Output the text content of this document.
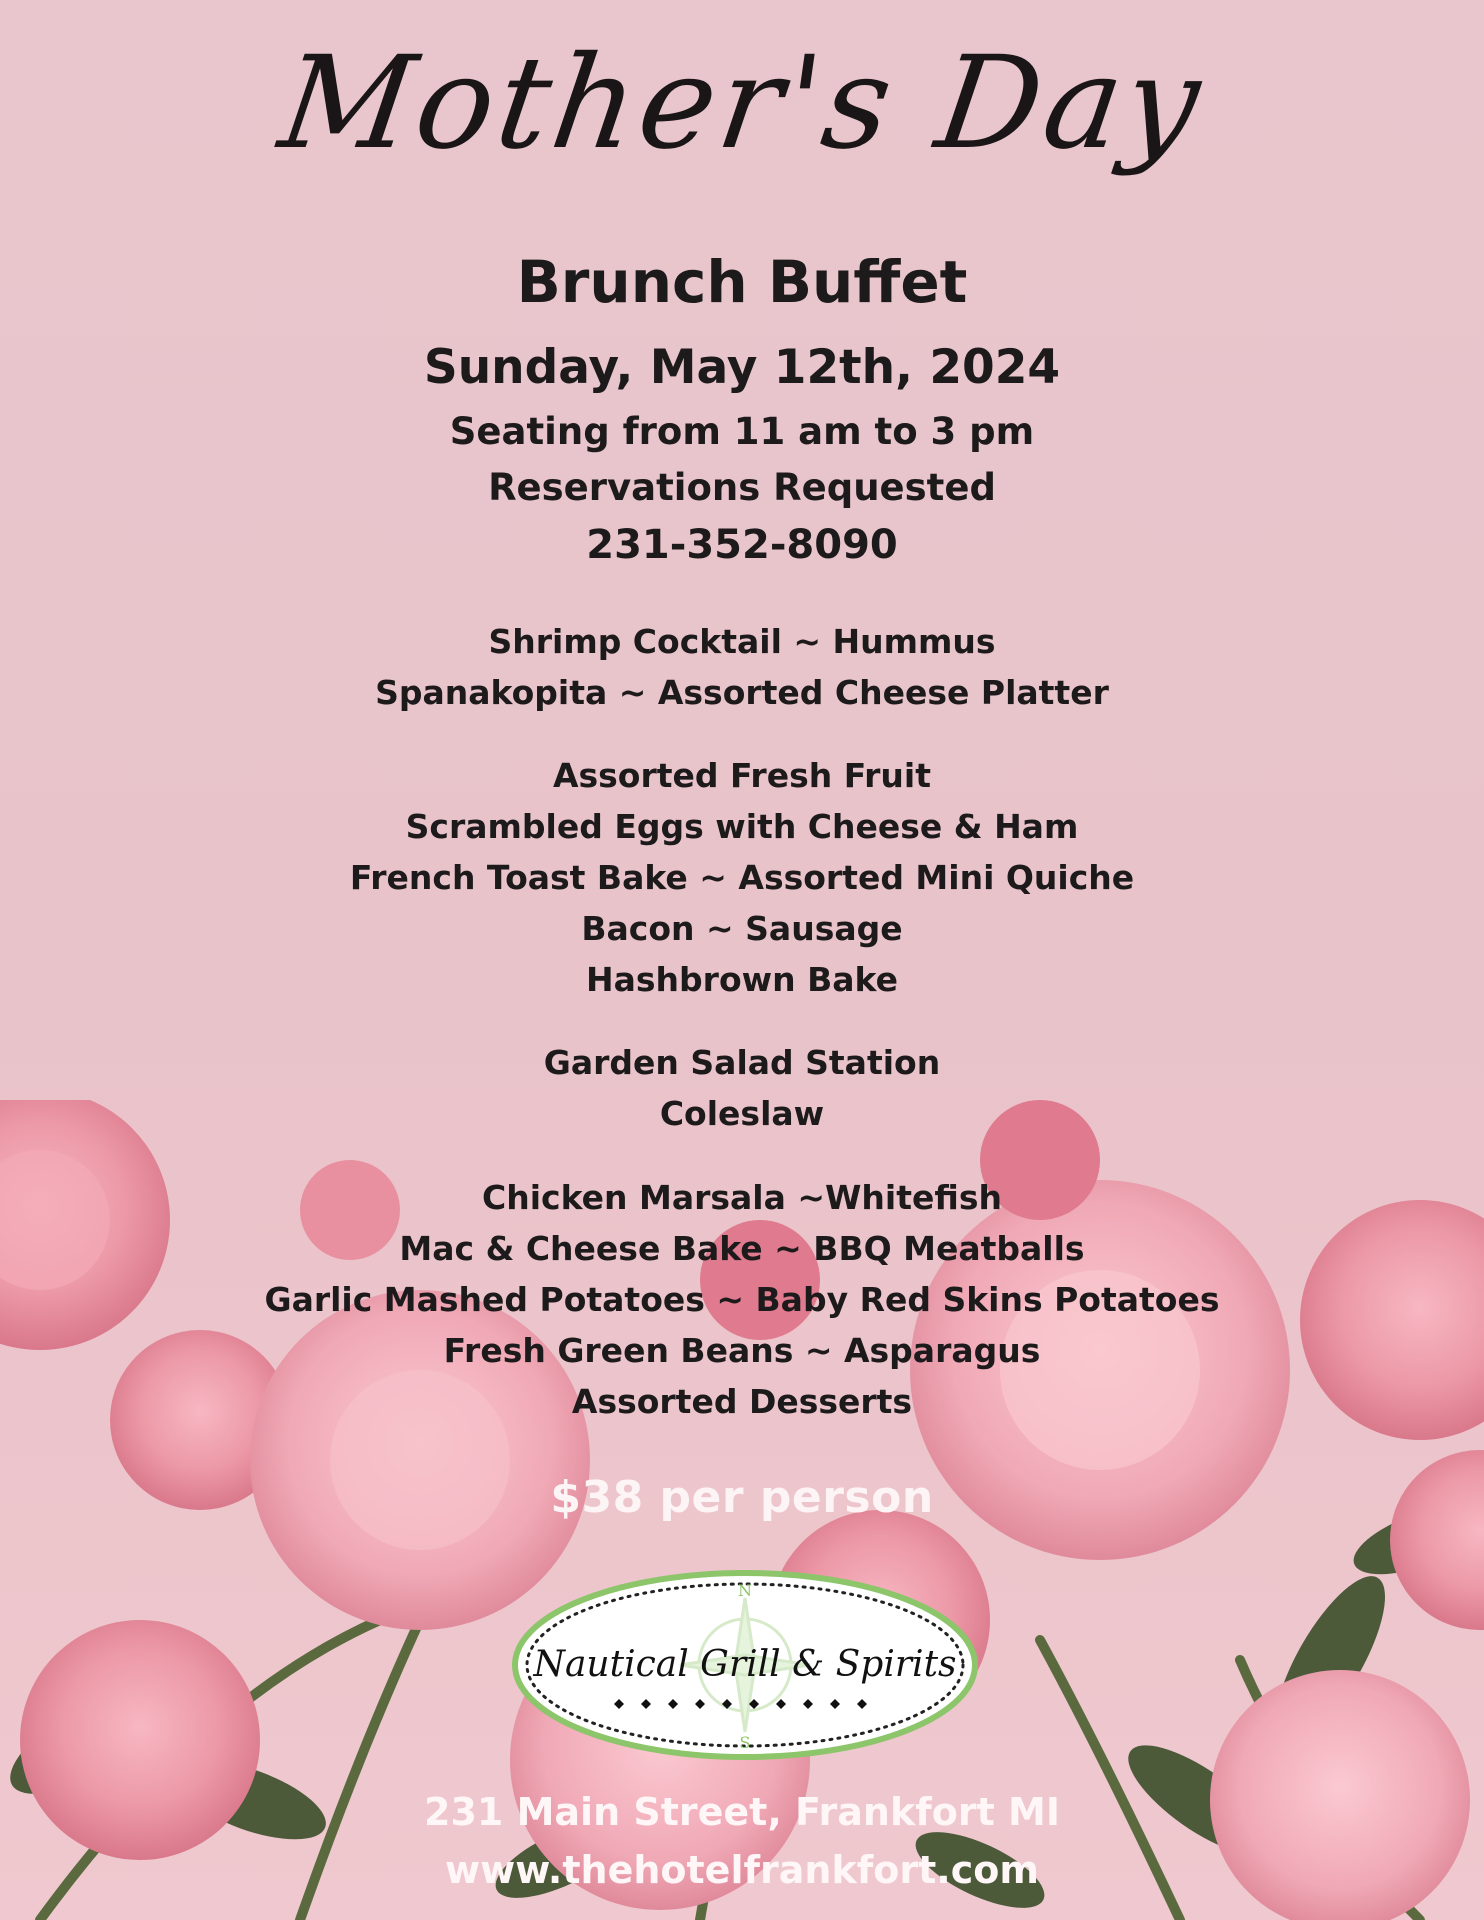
Mother's Day
Brunch Buffet
Sunday, May 12th, 2024
Seating from 11 am to 3 pm
Reservations Requested
231-352-8090
Shrimp Cocktail ~ Hummus
Spanakopita ~ Assorted Cheese Platter
Assorted Fresh Fruit
Scrambled Eggs with Cheese & Ham
French Toast Bake ~ Assorted Mini Quiche
Bacon ~ Sausage
Hashbrown Bake
Garden Salad Station
Coleslaw
Chicken Marsala ~Whitefish
Mac & Cheese Bake ~ BBQ Meatballs
Garlic Mashed Potatoes ~ Baby Red Skins Potatoes
Fresh Green Beans ~ Asparagus
Assorted Desserts
$38 per person
N
S
Nautical Grill & Spirits
231 Main Street, Frankfort MI
www.thehotelfrankfort.com
